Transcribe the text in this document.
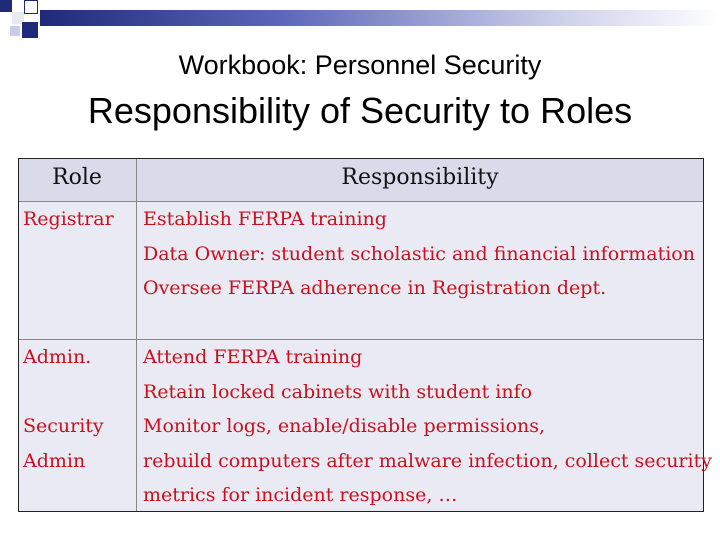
Workbook: Personnel Security
Responsibility of Security to Roles
Role	Responsibility
Registrar	Establish FERPA training
Data Owner: student scholastic and financial information
Oversee FERPA adherence in Registration dept.
Admin.

Security
Admin
Attend FERPA training
Retain locked cabinets with student info
Monitor logs, enable/disable permissions,
rebuild computers after malware infection, collect security
metrics for incident response, …
